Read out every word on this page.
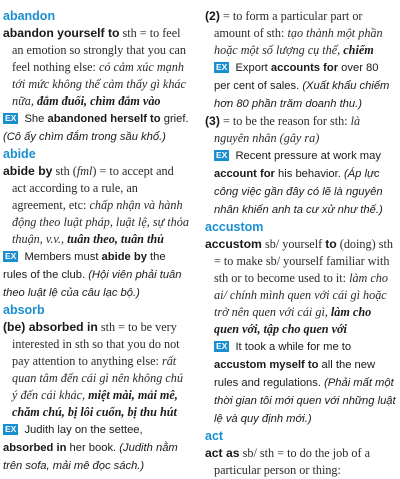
abandon
abandon yourself to sth = to feel an emotion so strongly that you can feel nothing else: có cảm xúc mạnh tới mức không thể cảm thấy gì khác nữa, đắm đuối, chìm đắm vào
EX She abandoned herself to grief.
(Cô ấy chìm đắm trong sầu khổ.)
abide
abide by sth (fml) = to accept and act according to a rule, an agreement, etc: chấp nhận và hành động theo luật pháp, luật lệ, sự thỏa thuận, v.v., tuân theo, tuân thủ
EX Members must abide by the rules of the club. (Hội viên phải tuân theo luật lệ của câu lạc bộ.)
absorb
(be) absorbed in sth = to be very interested in sth so that you do not pay attention to anything else: rất quan tâm đến cái gì nên không chú ý đến cái khác, miệt mài, mải mê, chăm chú, bị lôi cuốn, bị thu hút
EX Judith lay on the settee, absorbed in her book. (Judith nằm trên sofa, mải mê đọc sách.)
(2) = to form a particular part or amount of sth: tạo thành một phần hoặc một số lượng cụ thể, chiếm
EX Export accounts for over 80 per cent of sales. (Xuất khẩu chiếm hơn 80 phần trăm doanh thu.)
(3) = to be the reason for sth: là nguyên nhân (gây ra)
EX Recent pressure at work may account for his behavior. (Áp lực công việc gần đây có lẽ là nguyên nhân khiến anh ta cư xử như thế.)
accustom
accustom sb/ yourself to (doing) sth = to make sb/ yourself familiar with sth or to become used to it: làm cho ai/ chính mình quen với cái gì hoặc trở nên quen với cái gì, làm cho quen với, tập cho quen với
EX It took a while for me to accustom myself to all the new rules and regulations. (Phải mất một thời gian tôi mới quen với những luật lệ và quy định mới.)
act
act as sb/ sth = to do the job of a particular person or thing:
